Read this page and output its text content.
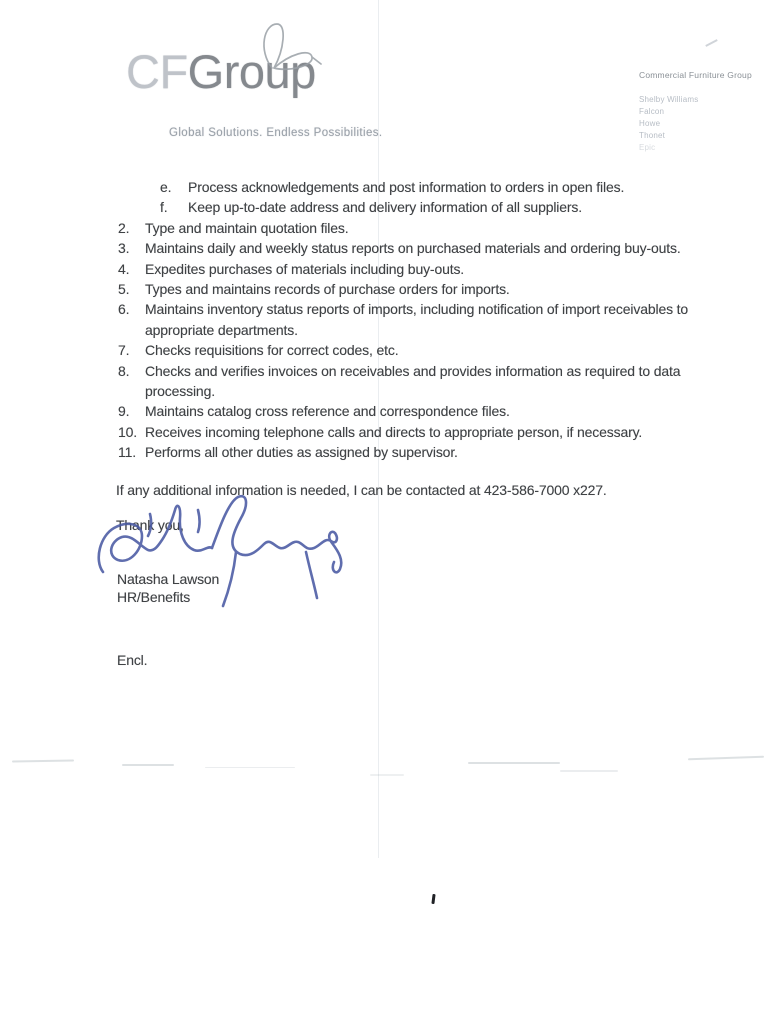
CFGroup
Global Solutions. Endless Possibilities.
Commercial Furniture Group
Shelby Williams
Falcon
Howe
Thonet
Epic
e.	Process acknowledgements and post information to orders in open files.
f.	Keep up-to-date address and delivery information of all suppliers.
2.	Type and maintain quotation files.
3.	Maintains daily and weekly status reports on purchased materials and ordering buy-outs.
4.	Expedites purchases of materials including buy-outs.
5.	Types and maintains records of purchase orders for imports.
6.	Maintains inventory status reports of imports, including notification of import receivables to appropriate departments.
7.	Checks requisitions for correct codes, etc.
8.	Checks and verifies invoices on receivables and provides information as required to data processing.
9.	Maintains catalog cross reference and correspondence files.
10. Receives incoming telephone calls and directs to appropriate person, if necessary.
11. Performs all other duties as assigned by supervisor.
If any additional information is needed, I can be contacted at 423-586-7000 x227.
Thank you,
Natasha Lawson
HR/Benefits
Encl.
